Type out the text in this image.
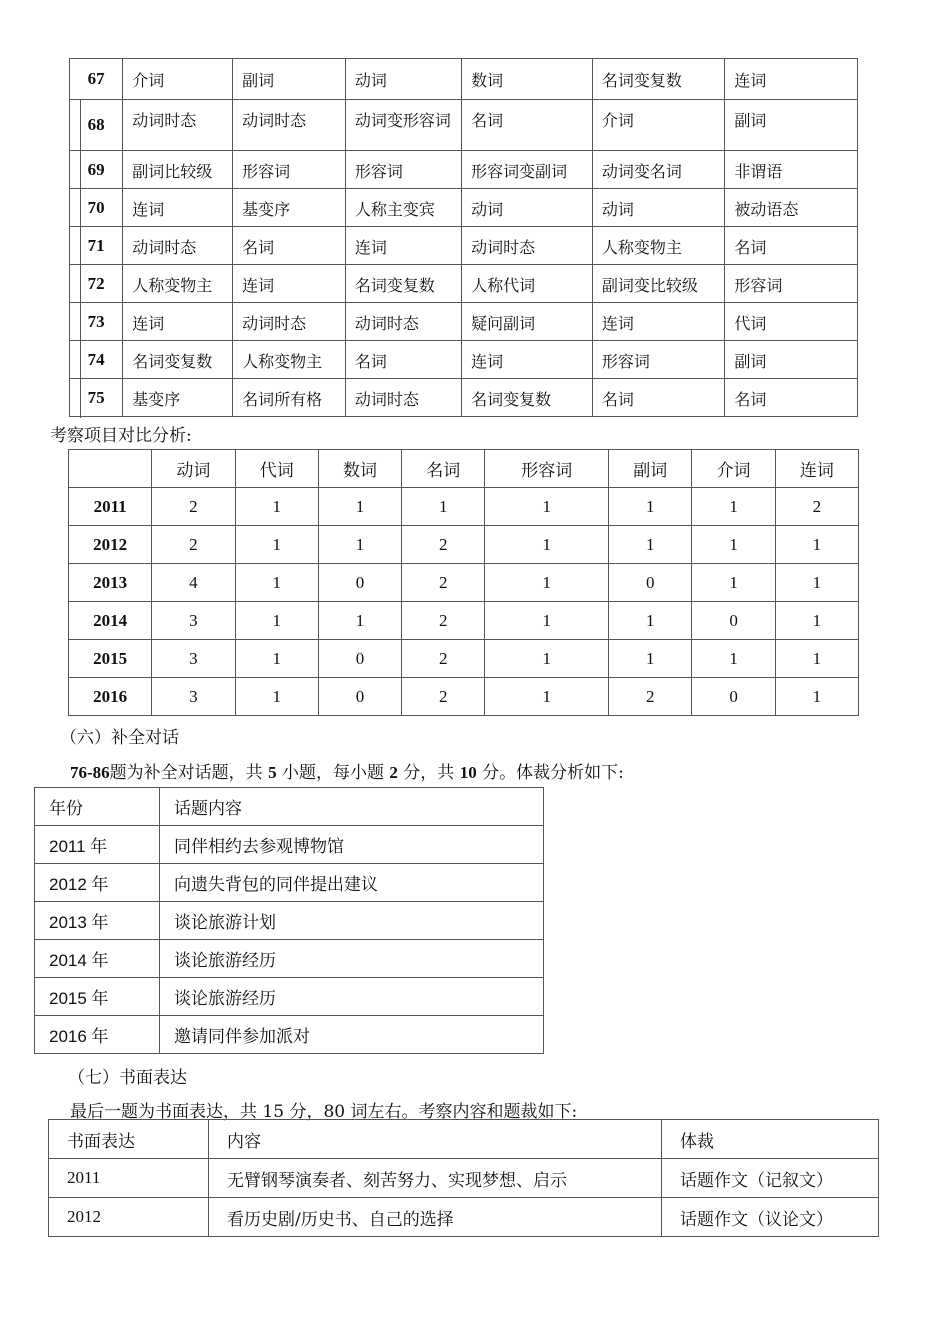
67	介词	副词	动词	数词	名词变复数	连词
68	动词时态	动词时态	动词变形容词	名词	介词	副词
69	副词比较级	形容词	形容词	形容词变副词	动词变名词	非谓语
70	连词	基变序	人称主变宾	动词	动词	被动语态
71	动词时态	名词	连词	动词时态	人称变物主	名词
72	人称变物主	连词	名词变复数	人称代词	副词变比较级	形容词
73	连词	动词时态	动词时态	疑问副词	连词	代词
74	名词变复数	人称变物主	名词	连词	形容词	副词
75	基变序	名词所有格	动词时态	名词变复数	名词	名词
考察项目对比分析:
	动词	代词	数词	名词	形容词	副词	介词	连词
2011	2	1	1	1	1	1	1	2
2012	2	1	1	2	1	1	1	1
2013	4	1	0	2	1	0	1	1
2014	3	1	1	2	1	1	0	1
2015	3	1	0	2	1	1	1	1
2016	3	1	0	2	1	2	0	1
（六）补全对话
76-86题为补全对话题，共 5 小题，每小题 2 分，共 10 分。体裁分析如下:
年份	话题内容
2011 年	同伴相约去参观博物馆
2012 年	向遗失背包的同伴提出建议
2013 年	谈论旅游计划
2014 年	谈论旅游经历
2015 年	谈论旅游经历
2016 年	邀请同伴参加派对
（七）书面表达
最后一题为书面表达，共 15 分，80 词左右。考察内容和题裁如下:
书面表达	内容	体裁
2011	无臂钢琴演奏者、刻苦努力、实现梦想、启示	话题作文（记叙文）
2012	看历史剧/历史书、自己的选择	话题作文（议论文）
